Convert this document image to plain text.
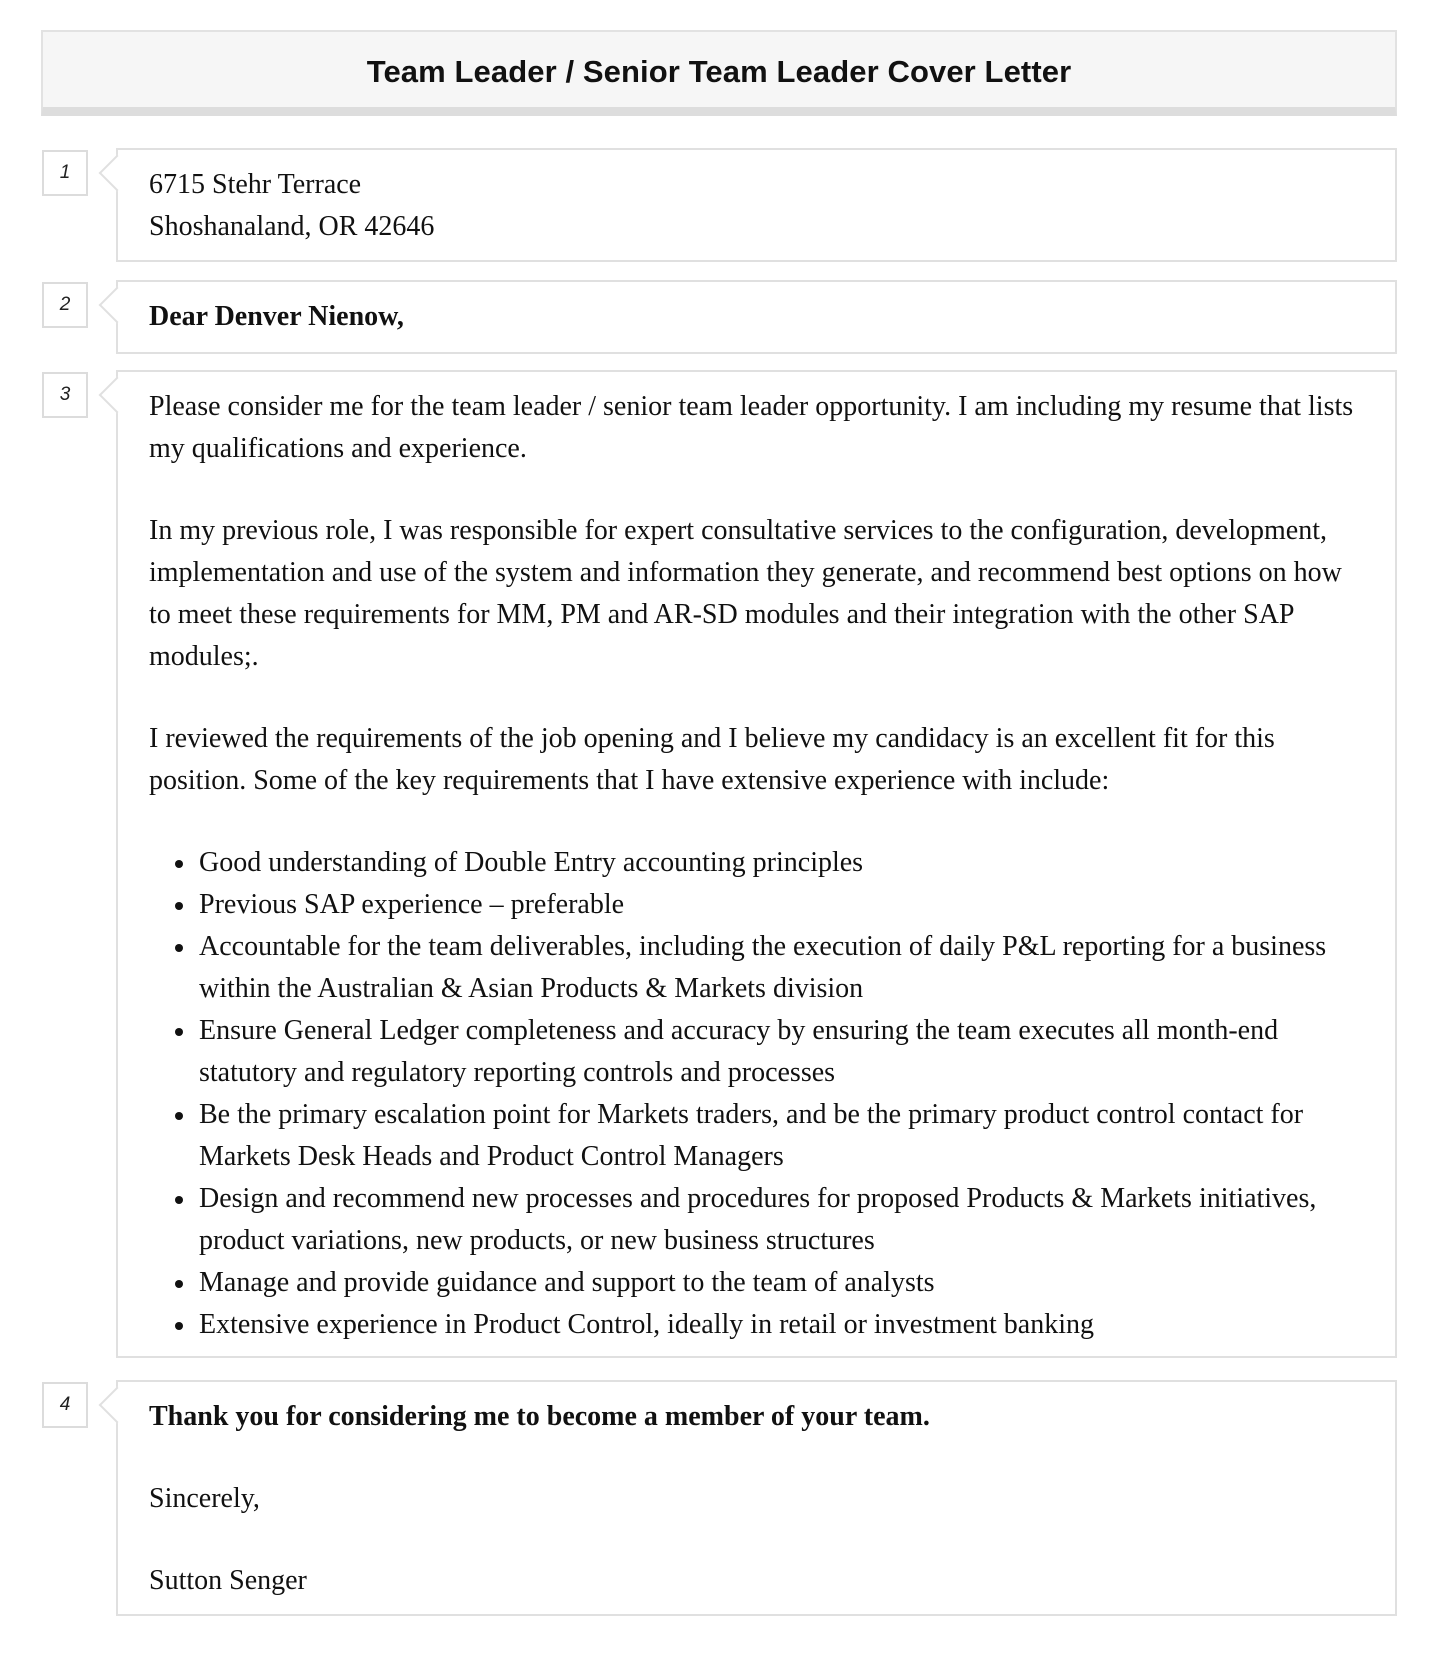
Team Leader / Senior Team Leader Cover Letter
1	6715 Stehr Terrace

Shoshanaland, OR 42646

2	Dear Denver Nienow,

3	Please consider me for the team leader / senior team leader opportunity. I am including my resume that lists my qualifications and experience.

In my previous role, I was responsible for expert consultative services to the configuration, development, implementation and use of the system and information they generate, and recommend best options on how to meet these requirements for MM, PM and AR-SD modules and their integration with the other SAP modules;.

I reviewed the requirements of the job opening and I believe my candidacy is an excellent fit for this position. Some of the key requirements that I have extensive experience with include:

Good understanding of Double Entry accounting principles
Previous SAP experience – preferable
Accountable for the team deliverables, including the execution of daily P&L reporting for a business within the Australian & Asian Products & Markets division
Ensure General Ledger completeness and accuracy by ensuring the team executes all month-end statutory and regulatory reporting controls and processes
Be the primary escalation point for Markets traders, and be the primary product control contact for Markets Desk Heads and Product Control Managers
Design and recommend new processes and procedures for proposed Products & Markets initiatives, product variations, new products, or new business structures
Manage and provide guidance and support to the team of analysts
Extensive experience in Product Control, ideally in retail or investment banking
4	Thank you for considering me to become a member of your team.

Sincerely,

Sutton Senger
